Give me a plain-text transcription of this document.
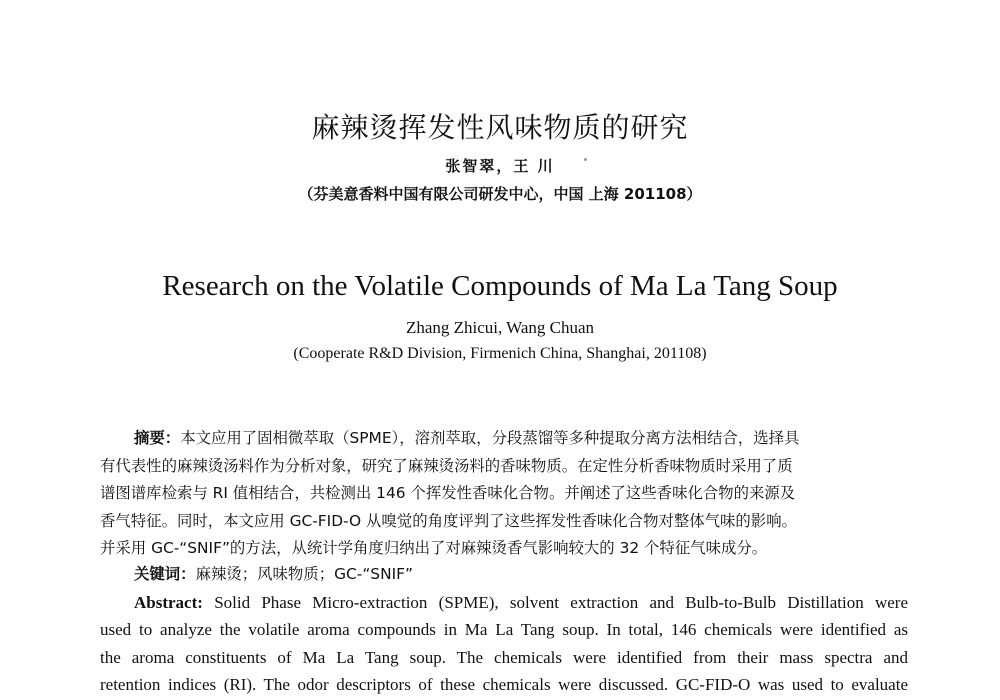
麻辣烫挥发性风味物质的研究
张智翠，王 川
（芬美意香料中国有限公司研发中心，中国 上海 201108）
Research on the Volatile Compounds of Ma La Tang Soup
Zhang Zhicui, Wang Chuan
(Cooperate R&D Division, Firmenich China, Shanghai, 201108)
摘要：本文应用了固相微萃取（SPME），溶剂萃取，分段蒸馏等多种提取分离方法相结合，选择具
有代表性的麻辣烫汤料作为分析对象，研究了麻辣烫汤料的香味物质。在定性分析香味物质时采用了质
谱图谱库检索与 RI 值相结合，共检测出 146 个挥发性香味化合物。并阐述了这些香味化合物的来源及
香气特征。同时，本文应用 GC-FID-O 从嗅觉的角度评判了这些挥发性香味化合物对整体气味的影响。
并采用 GC-“SNIF”的方法，从统计学角度归纳出了对麻辣烫香气影响较大的 32 个特征气味成分。
关键词：麻辣烫；风味物质；GC-“SNIF”
Abstract: Solid Phase Micro-extraction (SPME), solvent extraction and Bulb-to-Bulb Distillation were
used to analyze the volatile aroma compounds in Ma La Tang soup. In total, 146 chemicals were identified as
the aroma constituents of Ma La Tang soup. The chemicals were identified from their mass spectra and
retention indices (RI). The odor descriptors of these chemicals were discussed. GC-FID-O was used to evaluate
